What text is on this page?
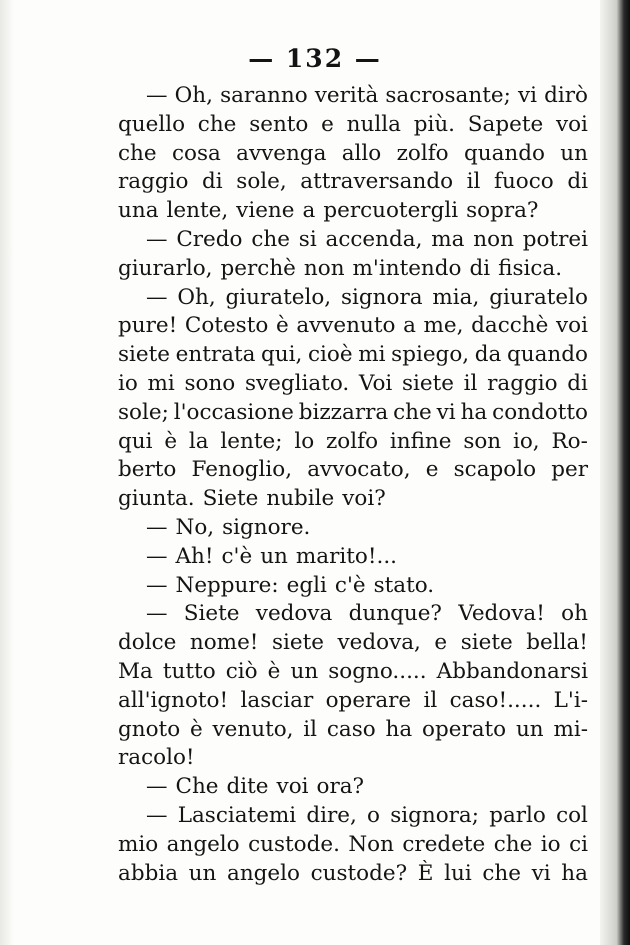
— 132 —
— Oh, saranno verità sacrosante; vi dirò
quello che sento e nulla più. Sapete voi
che cosa avvenga allo zolfo quando un
raggio di sole, attraversando il fuoco di
una lente, viene a percuotergli sopra?
— Credo che si accenda, ma non potrei
giurarlo, perchè non m'intendo di fisica.
— Oh, giuratelo, signora mia, giuratelo
pure! Cotesto è avvenuto a me, dacchè voi
siete entrata qui, cioè mi spiego, da quando
io mi sono svegliato. Voi siete il raggio di
sole; l'occasione bizzarra che vi ha condotto
qui è la lente; lo zolfo infine son io, Ro-
berto Fenoglio, avvocato, e scapolo per
giunta. Siete nubile voi?
— No, signore.
— Ah! c'è un marito!...
— Neppure: egli c'è stato.
— Siete vedova dunque? Vedova! oh
dolce nome! siete vedova, e siete bella!
Ma tutto ciò è un sogno..... Abbandonarsi
all'ignoto! lasciar operare il caso!..... L'i-
gnoto è venuto, il caso ha operato un mi-
racolo!
— Che dite voi ora?
— Lasciatemi dire, o signora; parlo col
mio angelo custode. Non credete che io ci
abbia un angelo custode? È lui che vi ha
